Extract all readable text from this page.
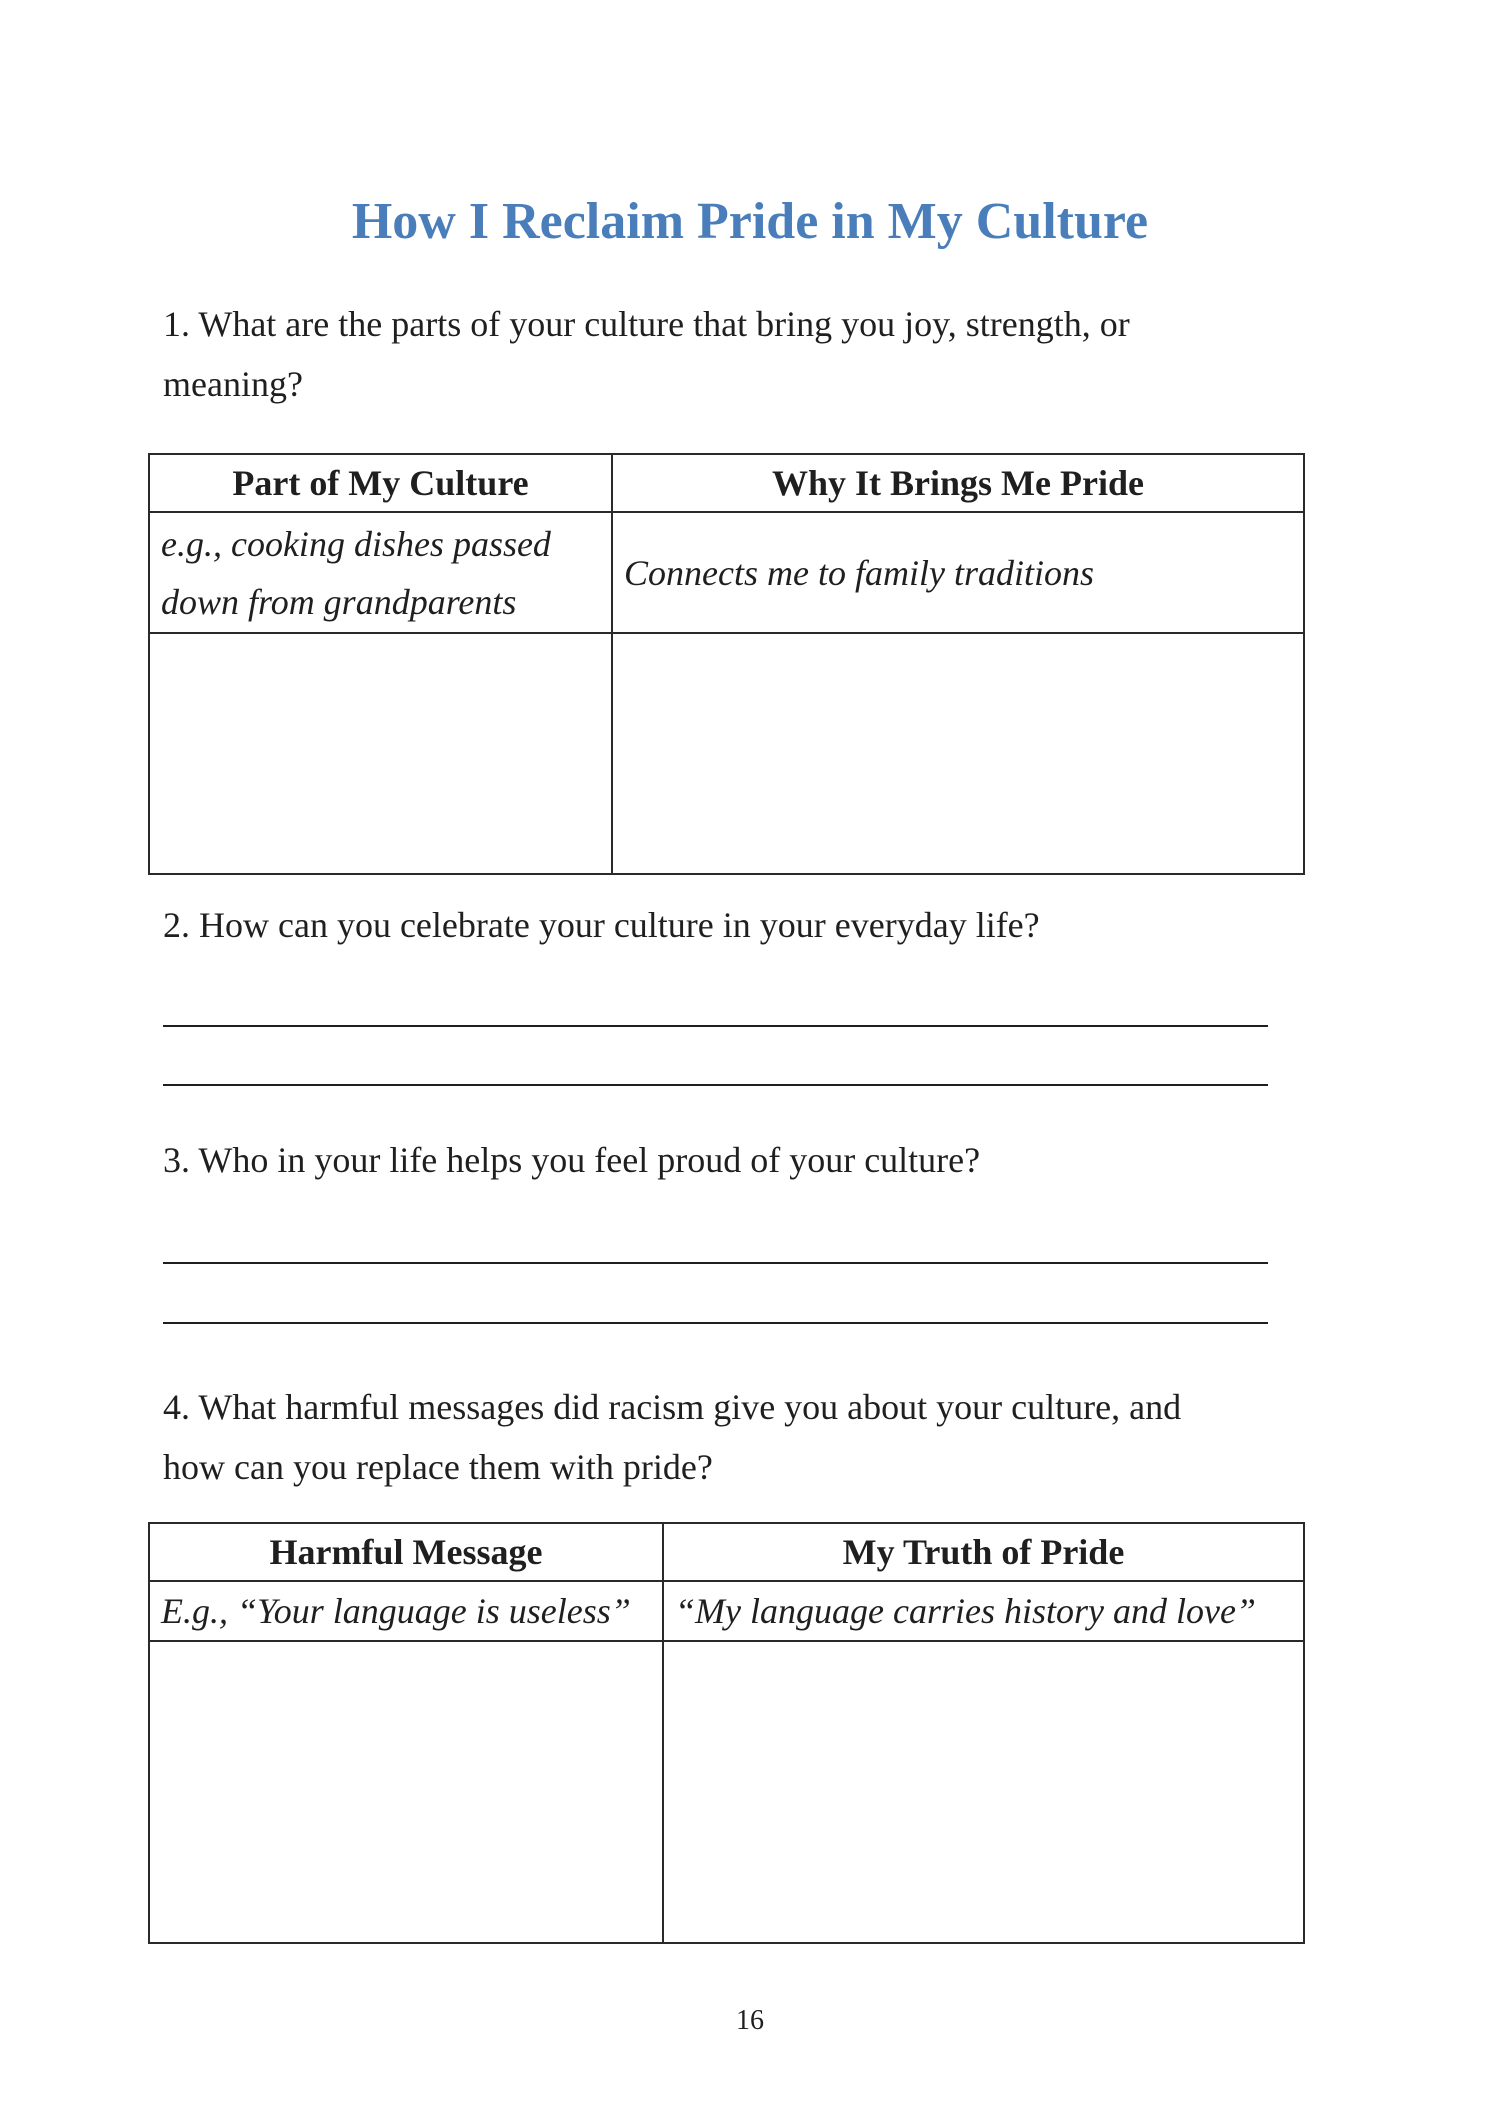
How I Reclaim Pride in My Culture
1. What are the parts of your culture that bring you joy, strength, or
meaning?
Part of My Culture	Why It Brings Me Pride

e.g., cooking dishes passed
down from grandparents	Connects me to family traditions

2. How can you celebrate your culture in your everyday life?
3. Who in your life helps you feel proud of your culture?
4. What harmful messages did racism give you about your culture, and
how can you replace them with pride?
Harmful Message	My Truth of Pride

E.g., “Your language is useless”	“My language carries history and love”

16
